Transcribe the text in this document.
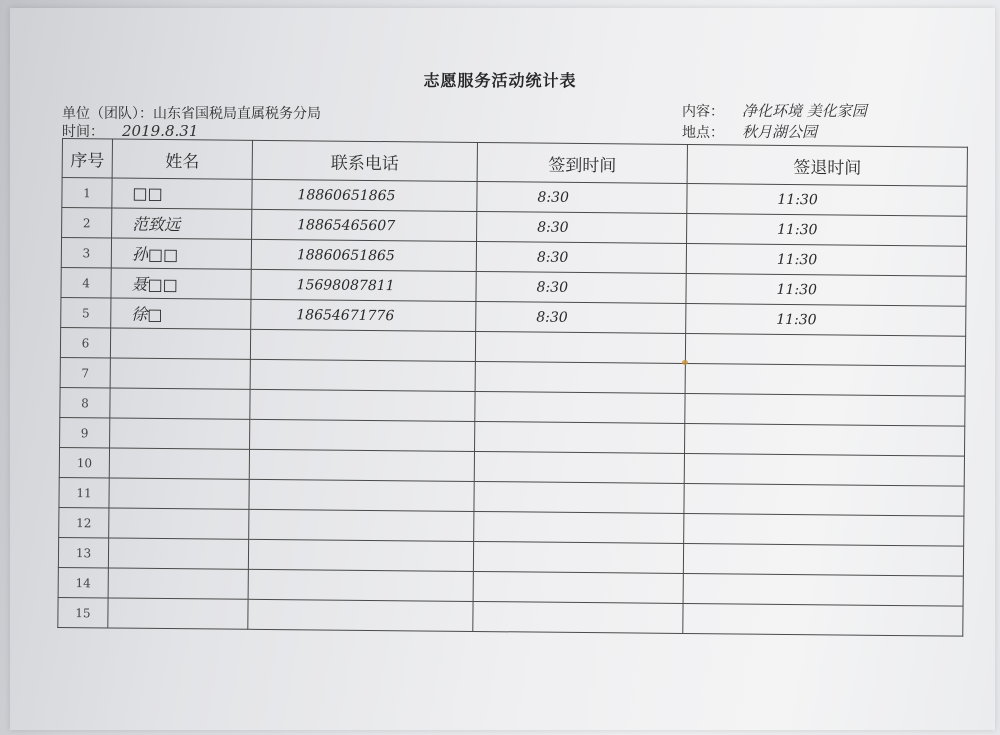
志愿服务活动统计表
单位（团队）：山东省国税局直属税务分局
时间： 2019.8.31
内容： 净化环境 美化家园
地点： 秋月湖公园
序号	姓名	联系电话	签到时间	签退时间
1	□□	18860651865	8:30	11:30
2	范致远	18865465607	8:30	11:30
3	孙□□	18860651865	8:30	11:30
4	聂□□	15698087811	8:30	11:30
5	徐□	18654671776	8:30	11:30
6				
7				
8				
9				
10				
11				
12				
13				
14				
15				
